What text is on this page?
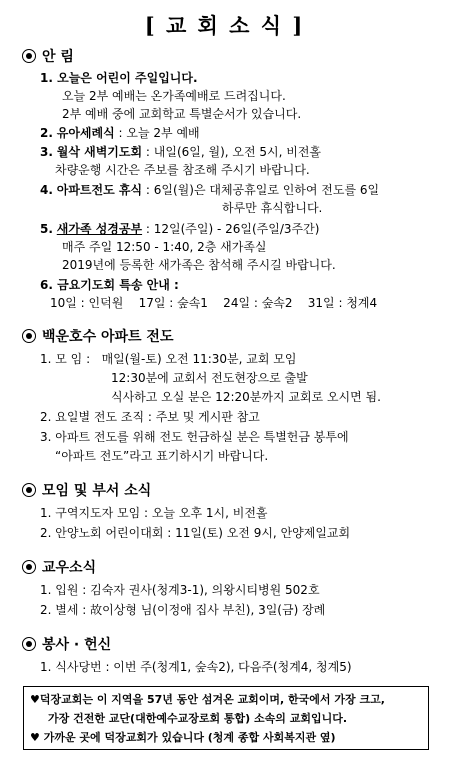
[ 교 회 소 식 ]
안 림
1. 오늘은 어린이 주일입니다.
오늘 2부 예배는 온가족예배로 드려집니다.
2부 예배 중에 교회학교 특별순서가 있습니다.
2. 유아세례식 : 오늘 2부 예배
3. 월삭 새벽기도회 : 내일(6일, 월), 오전 5시, 비전홀
차량운행 시간은 주보를 참조해 주시기 바랍니다.
4. 아파트전도 휴식 : 6일(월)은 대체공휴일로 인하여 전도를 6일
하루만 휴식합니다.
5. 새가족 성경공부 : 12일(주일) - 26일(주일/3주간)
매주 주일 12:50 - 1:40, 2층 새가족실
2019년에 등록한 새가족은 참석해 주시길 바랍니다.
6. 금요기도회 특송 안내 :
10일 : 인덕원    17일 : 숲속1    24일 : 숲속2    31일 : 청계4
백운호수 아파트 전도
1. 모 임 :   매일(월-토) 오전 11:30분, 교회 모임
12:30분에 교회서 전도현장으로 출발
식사하고 오실 분은 12:20분까지 교회로 오시면 됨.
2. 요일별 전도 조직 : 주보 및 게시판 참고
3. 아파트 전도를 위해 전도 헌금하실 분은 특별헌금 봉투에
“아파트 전도”라고 표기하시기 바랍니다.
모임 및 부서 소식
1. 구역지도자 모임 : 오늘 오후 1시, 비전홀
2. 안양노회 어린이대회 : 11일(토) 오전 9시, 안양제일교회
교우소식
1. 입원 : 김숙자 권사(청계3-1), 의왕시티병원 502호
2. 별세 : 故이상형 님(이정애 집사 부친), 3일(금) 장례
봉사 · 헌신
1. 식사당번 : 이번 주(청계1, 숲속2), 다음주(청계4, 청계5)
♥덕장교회는 이 지역을 57년 동안 섬겨온 교회이며, 한국에서 가장 크고,
가장 건전한 교단(대한예수교장로회 통합) 소속의 교회입니다.
♥ 가까운 곳에 덕장교회가 있습니다 (청계 종합 사회복지관 옆)
